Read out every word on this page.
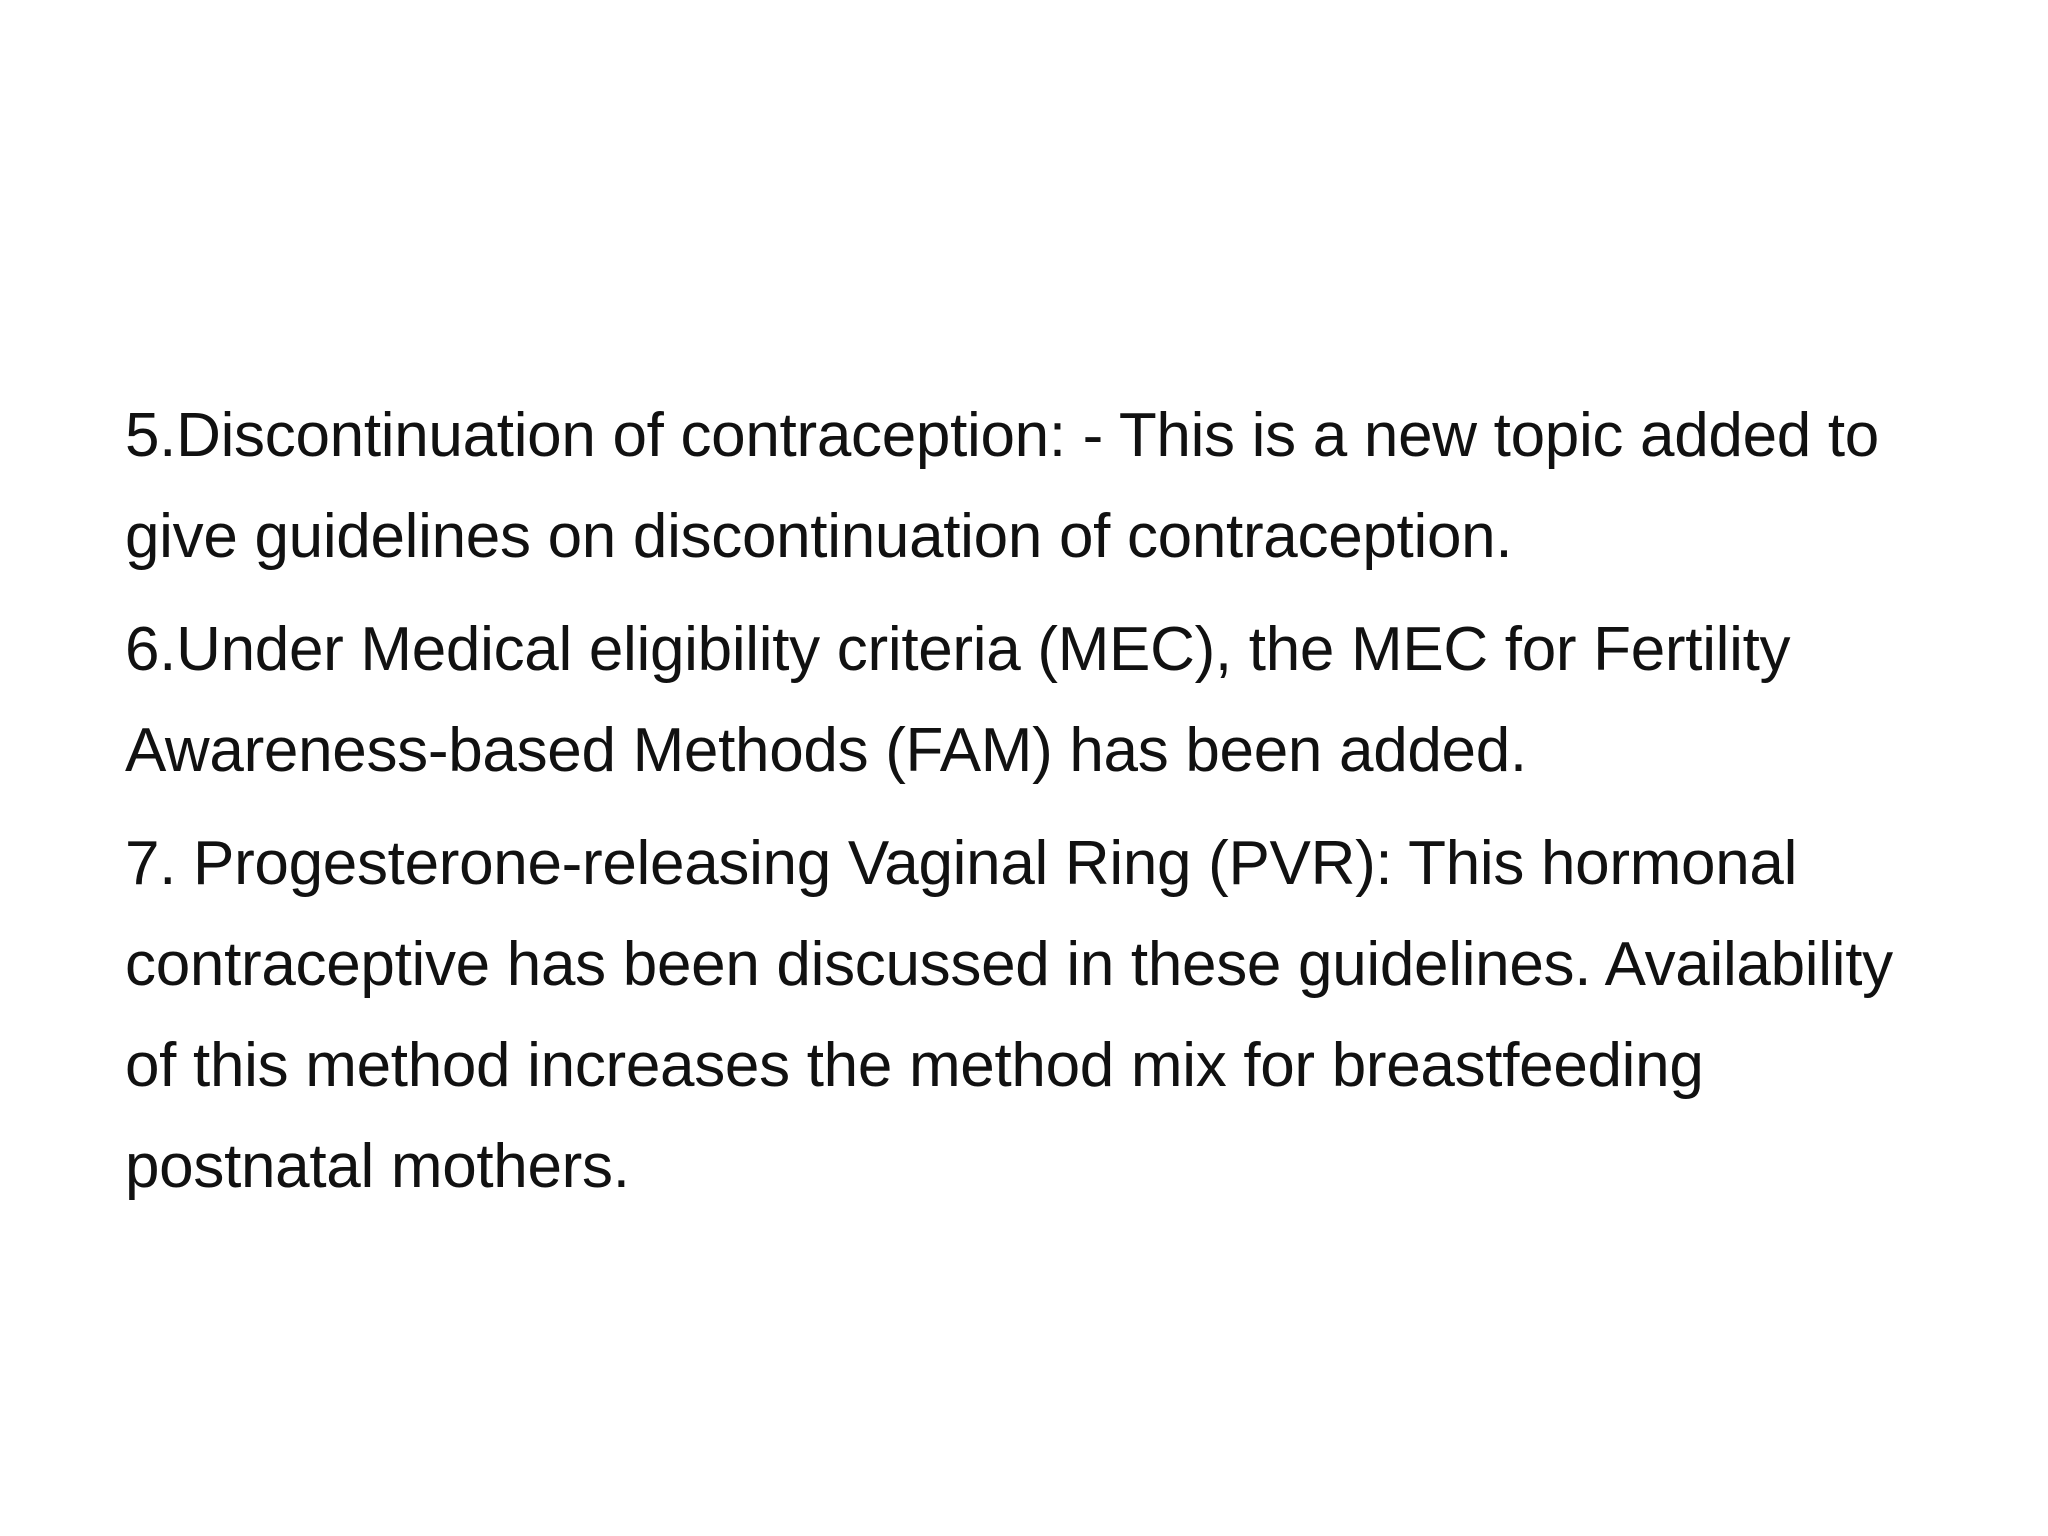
5.Discontinuation of contraception: - This is a new topic added to give guidelines on discontinuation of contraception.

6.Under Medical eligibility criteria (MEC), the MEC for Fertility Awareness-based Methods (FAM) has been added.

7. Progesterone-releasing Vaginal Ring (PVR): This hormonal contraceptive has been discussed in these guidelines. Availability of this method increases the method mix for breastfeeding postnatal mothers.
